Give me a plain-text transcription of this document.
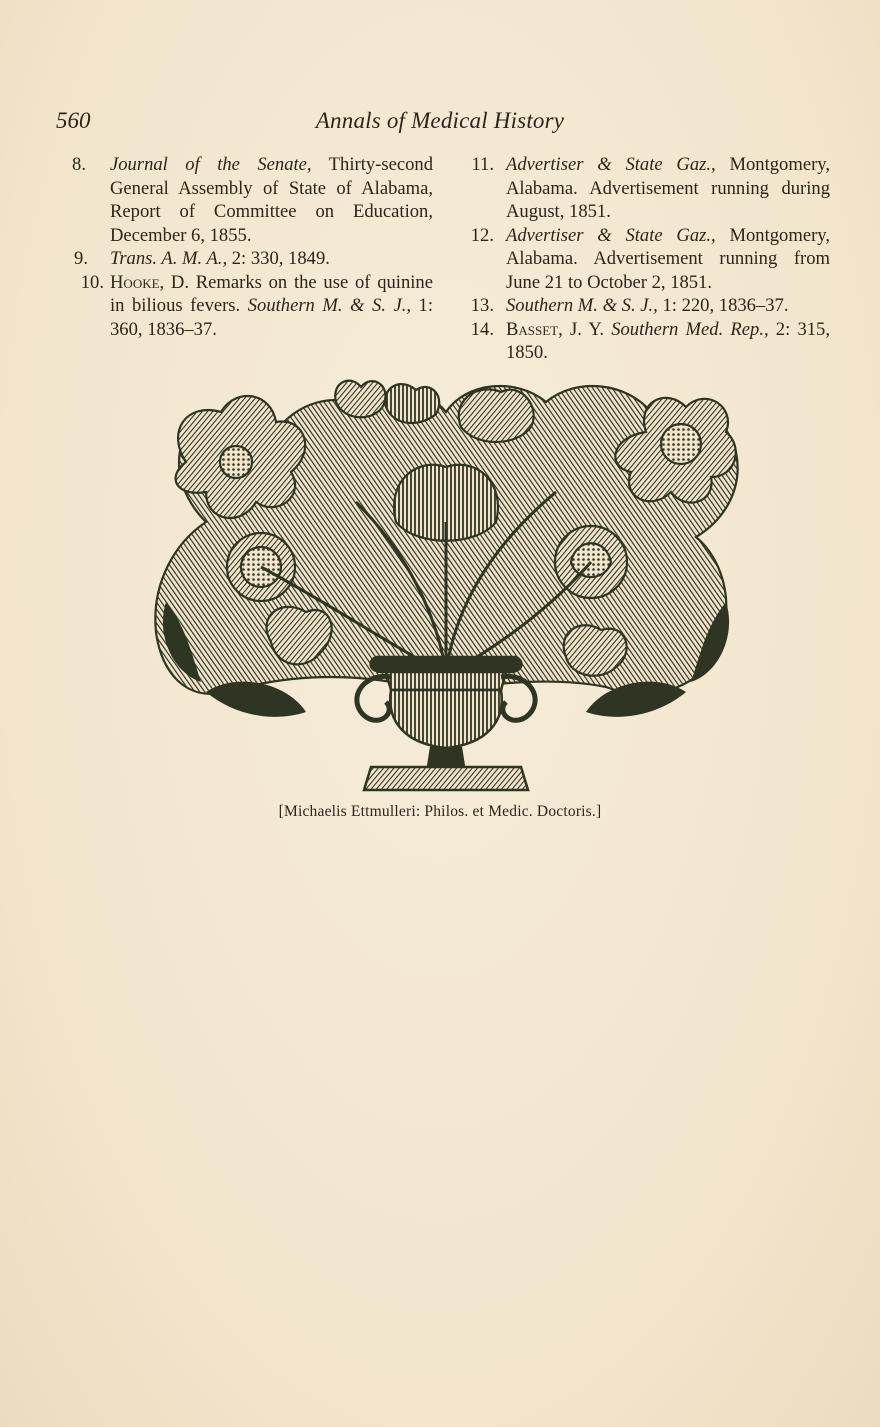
560	Annals of Medical History

8. Journal of the Senate, Thirty-second General Assembly of State of Alabama, Report of Committee on Education, December 6, 1855.

9. Trans. A. M. A., 2: 330, 1849.

10. Hooke, D. Remarks on the use of quinine in bilious fevers. Southern M. & S. J., 1: 360, 1836–37.

11. Advertiser & State Gaz., Montgomery, Alabama. Advertisement running during August, 1851.

12. Advertiser & State Gaz., Montgomery, Alabama. Advertisement running from June 21 to October 2, 1851.

13. Southern M. & S. J., 1: 220, 1836–37.

14. Basset, J. Y. Southern Med. Rep., 2: 315, 1850.

[Michaelis Ettmulleri: Philos. et Medic. Doctoris.]
